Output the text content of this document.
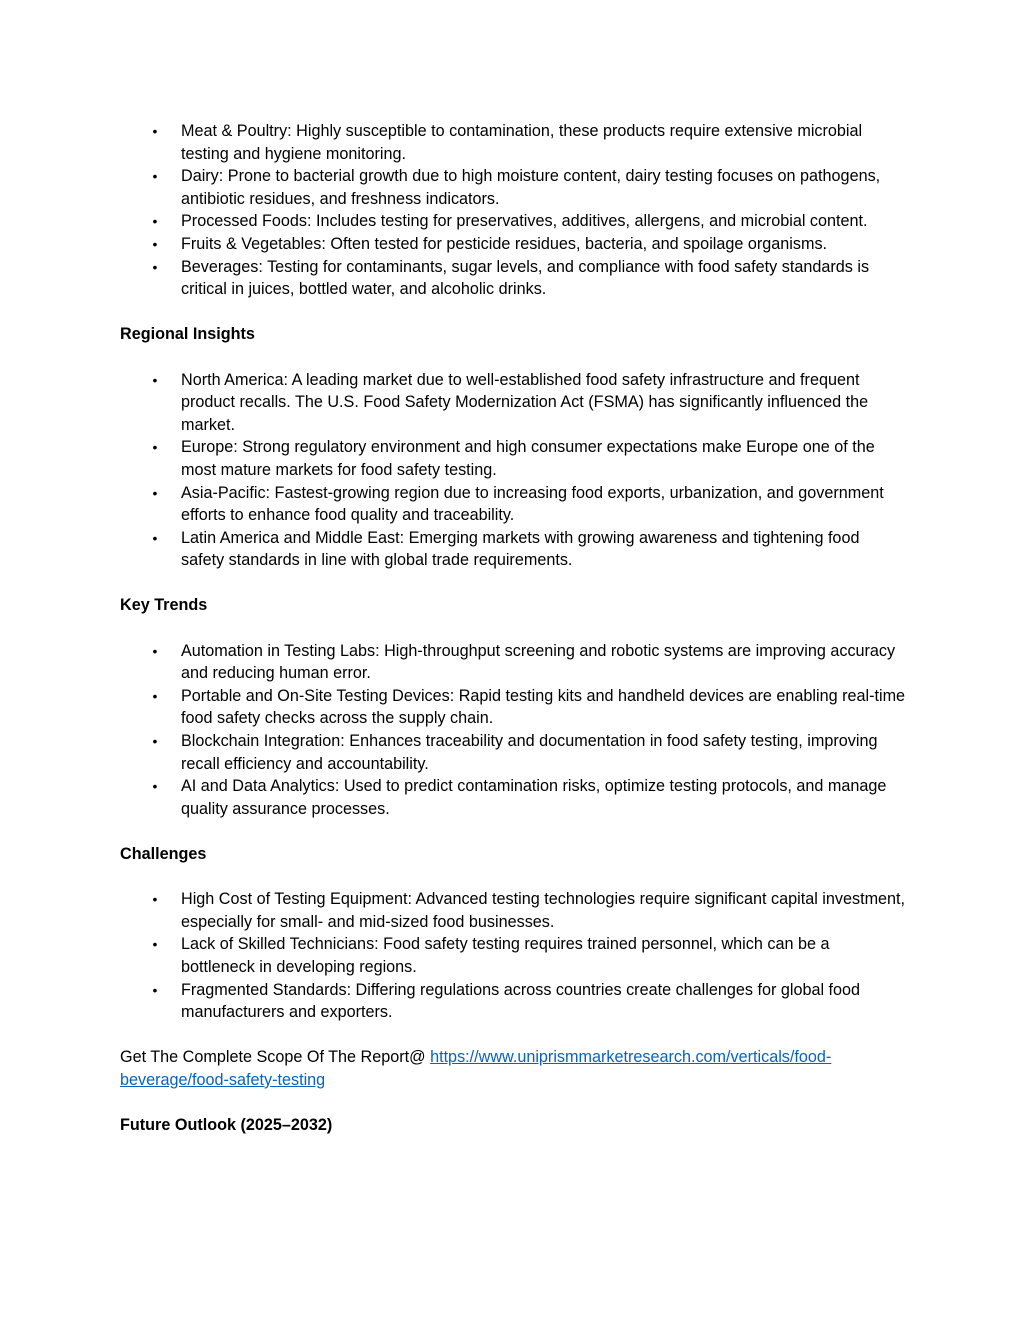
• Meat & Poultry: Highly susceptible to contamination, these products require extensive microbial testing and hygiene monitoring.
• Dairy: Prone to bacterial growth due to high moisture content, dairy testing focuses on pathogens, antibiotic residues, and freshness indicators.
• Processed Foods: Includes testing for preservatives, additives, allergens, and microbial content.
• Fruits & Vegetables: Often tested for pesticide residues, bacteria, and spoilage organisms.
• Beverages: Testing for contaminants, sugar levels, and compliance with food safety standards is critical in juices, bottled water, and alcoholic drinks.

Regional Insights

• North America: A leading market due to well-established food safety infrastructure and frequent product recalls. The U.S. Food Safety Modernization Act (FSMA) has significantly influenced the market.
• Europe: Strong regulatory environment and high consumer expectations make Europe one of the most mature markets for food safety testing.
• Asia-Pacific: Fastest-growing region due to increasing food exports, urbanization, and government efforts to enhance food quality and traceability.
• Latin America and Middle East: Emerging markets with growing awareness and tightening food safety standards in line with global trade requirements.

Key Trends

• Automation in Testing Labs: High-throughput screening and robotic systems are improving accuracy and reducing human error.
• Portable and On-Site Testing Devices: Rapid testing kits and handheld devices are enabling real-time food safety checks across the supply chain.
• Blockchain Integration: Enhances traceability and documentation in food safety testing, improving recall efficiency and accountability.
• AI and Data Analytics: Used to predict contamination risks, optimize testing protocols, and manage quality assurance processes.

Challenges

• High Cost of Testing Equipment: Advanced testing technologies require significant capital investment, especially for small- and mid-sized food businesses.
• Lack of Skilled Technicians: Food safety testing requires trained personnel, which can be a bottleneck in developing regions.
• Fragmented Standards: Differing regulations across countries create challenges for global food manufacturers and exporters.

Get The Complete Scope Of The Report@ https://www.uniprismmarketresearch.com/verticals/food-beverage/food-safety-testing

Future Outlook (2025–2032)
